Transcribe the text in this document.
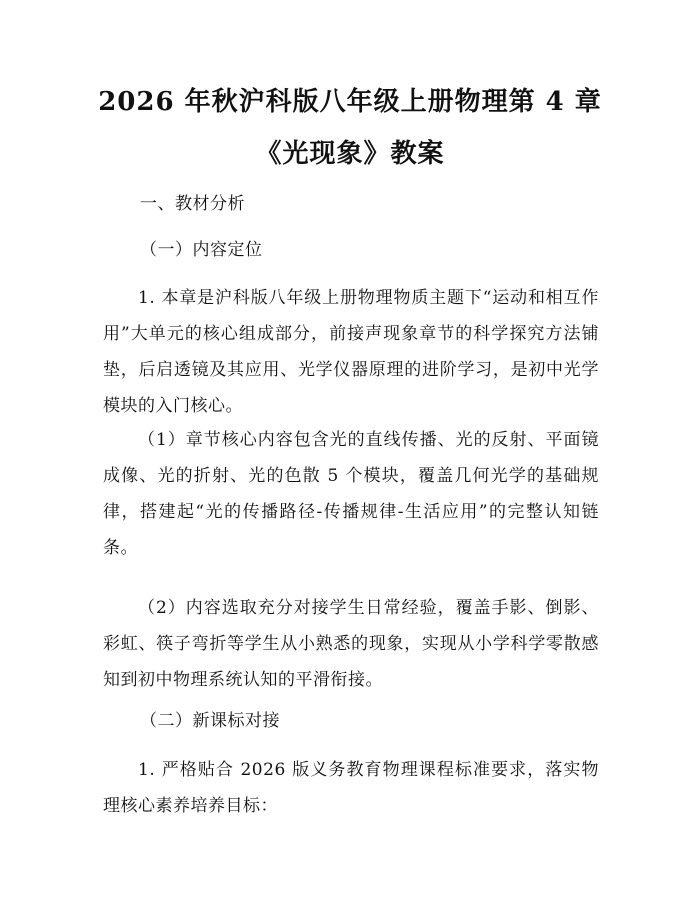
2026 年秋沪科版八年级上册物理第 4 章《光现象》教案
一、教材分析
（一）内容定位
1. 本章是沪科版八年级上册物理物质主题下“运动和相互作用”大单元的核心组成部分，前接声现象章节的科学探究方法铺垫，后启透镜及其应用、光学仪器原理的进阶学习，是初中光学模块的入门核心。
（1）章节核心内容包含光的直线传播、光的反射、平面镜成像、光的折射、光的色散 5 个模块，覆盖几何光学的基础规律，搭建起“光的传播路径-传播规律-生活应用”的完整认知链条。
（2）内容选取充分对接学生日常经验，覆盖手影、倒影、彩虹、筷子弯折等学生从小熟悉的现象，实现从小学科学零散感知到初中物理系统认知的平滑衔接。
（二）新课标对接
1. 严格贴合 2026 版义务教育物理课程标准要求，落实物理核心素养培养目标：
